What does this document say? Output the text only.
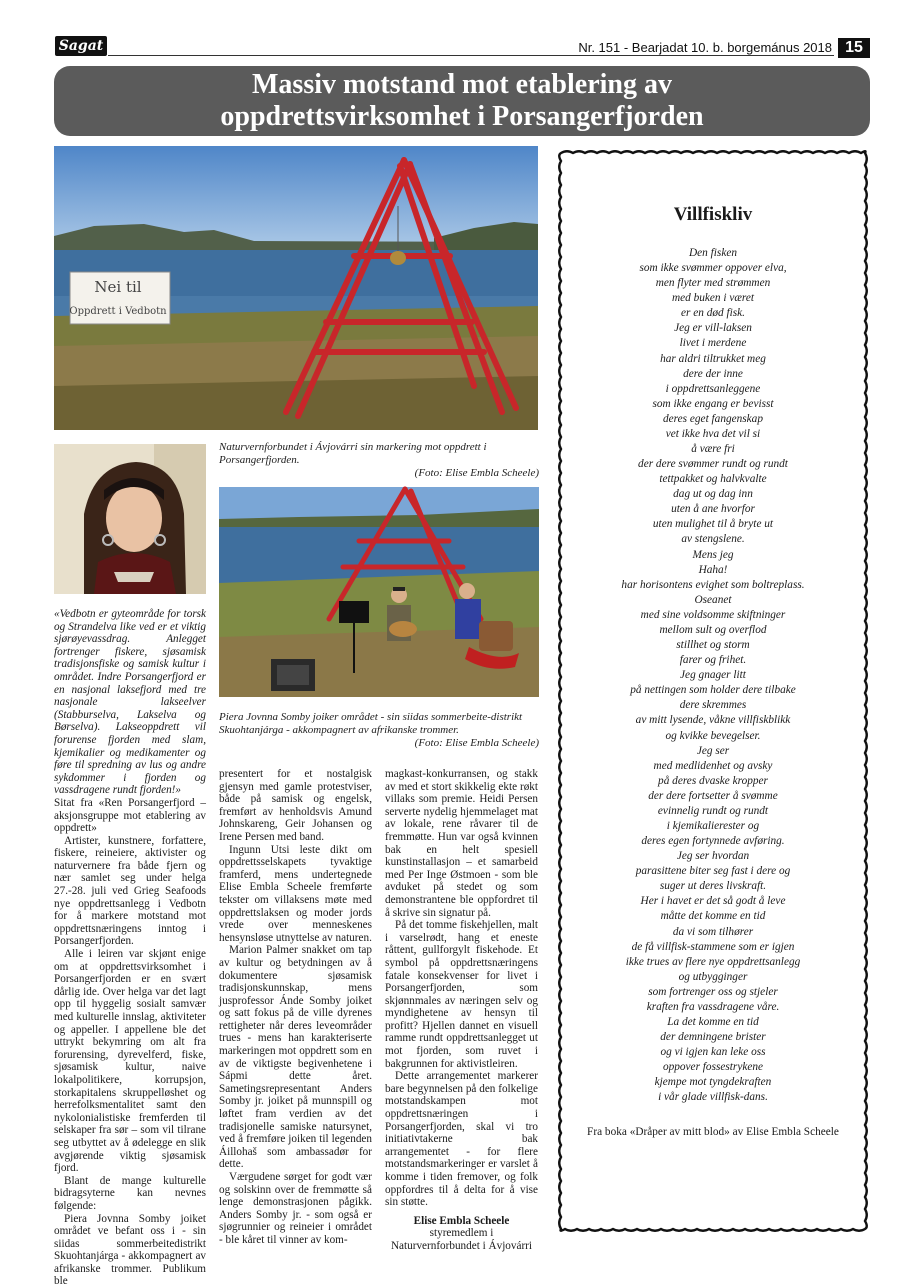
Sagat	Nr. 151 - Bearjadat 10. b. borgemánus 2018 15
Massiv motstand mot etablering av
oppdrettsvirksomhet i Porsangerfjorden
Nei til
Oppdrett i Vedbotn
Naturvernforbundet i Ávjovárri sin markering mot oppdrett i Porsangerfjorden.
(Foto: Elise Embla Scheele)
Piera Jovnna Somby joiker området - sin siidas sommerbeite-distrikt Skuohtanjárga - akkompagnert av afrikanske trommer.
(Foto: Elise Embla Scheele)

«Vedbotn er gyteområde for torsk og Strandelva like ved er et viktig sjørøyevassdrag. Anlegget fortrenger fiskere, sjøsamisk tradisjonsfiske og samisk kultur i området. Indre Porsangerfjord er en nasjonal laksefjord med tre nasjonale lakseelver (Stabburselva, Lakselva og Børselva). Lakseoppdrett vil forurense fjorden med slam, kjemikalier og medikamenter og føre til spredning av lus og andre sykdommer i fjorden og vassdragene rundt fjorden!»

Sitat fra «Ren Porsangerfjord – aksjonsgruppe mot etablering av oppdrett»

Artister, kunstnere, forfattere, fiskere, reineiere, aktivister og naturvernere fra både fjern og nær samlet seg under helga 27.-28. juli ved Grieg Seafoods nye oppdrettsanlegg i Vedbotn for å markere motstand mot oppdrettsnæringens inntog i Porsangerfjorden.

Alle i leiren var skjønt enige om at oppdrettsvirksomhet i Porsangerfjorden er en svært dårlig ide. Over helga var det lagt opp til hyggelig sosialt samvær med kulturelle innslag, aktiviteter og appeller. I appellene ble det uttrykt bekymring om alt fra forurensing, dyrevelferd, fiske, sjøsamisk kultur, naive lokalpolitikere, korrupsjon, storkapitalens skruppelløshet og herrefolksmentalitet samt den nykolonialistiske fremferden til selskaper fra sør – som vil tilrane seg utbyttet av å ødelegge en slik avgjørende viktig sjøsamisk fjord.

Blant de mange kulturelle bidragsyterne kan nevnes følgende:

Piera Jovnna Somby joiket området ve befant oss i - sin siidas sommerbeitedistrikt Skuohtanjárga - akkompagnert av afrikanske trommer. Publikum ble

presentert for et nostalgisk gjensyn med gamle protestviser, både på samisk og engelsk, fremført av henholdsvis Amund Johnskareng, Geir Johansen og Irene Persen med band.

Ingunn Utsi leste dikt om oppdrettsselskapets tyvaktige framferd, mens undertegnede Elise Embla Scheele fremførte tekster om villaksens møte med oppdrettslaksen og moder jords vrede over menneskenes hensynsløse utnyttelse av naturen.

Marion Palmer snakket om tap av kultur og betydningen av å dokumentere sjøsamisk tradisjonskunnskap, mens jusprofessor Ánde Somby joiket og satt fokus på de ville dyrenes rettigheter når deres leveområder trues - mens han karakteriserte markeringen mot oppdrett som en av de viktigste begivenhetene i Sápmi dette året. Sametingsrepresentant Anders Somby jr. joiket på munnspill og løftet fram verdien av det tradisjonelle samiske natursynet, ved å fremføre joiken til legenden Áillohaš som ambassadør for dette.

Værgudene sørget for godt vær og solskinn over de fremmøtte så lenge demonstrasjonen pågikk. Anders Somby jr. - som også er sjøgrunnier og reineier i området - ble kåret til vinner av kom-

magkast-konkurransen, og stakk av med et stort skikkelig ekte røkt villaks som premie. Heidi Persen serverte nydelig hjemmelaget mat av lokale, rene råvarer til de fremmøtte. Hun var også kvinnen bak en helt spesiell kunstinstallasjon – et samarbeid med Per Inge Østmoen - som ble avduket på stedet og som demonstrantene ble oppfordret til å skrive sin signatur på.

På det tomme fiskehjellen, malt i varselrødt, hang et eneste råttent, gullforgylt fiskehode. Et symbol på oppdrettsnæringens fatale konsekvenser for livet i Porsangerfjorden, som skjønnmales av næringen selv og myndighetene av hensyn til profitt? Hjellen dannet en visuell ramme rundt oppdrettsanlegget ut mot fjorden, som ruvet i bakgrunnen for aktivistleiren.

Dette arrangementet markerer bare begynnelsen på den folkelige motstandskampen mot oppdrettsnæringen i Porsangerfjorden, skal vi tro initiativtakerne bak arrangementet - for flere motstandsmarkeringer er varslet å komme i tiden fremover, og folk oppfordres til å delta for å vise sin støtte.

Elise Embla Scheele
styremedlem i Naturvernforbundet i Ávjovárri

Villfiskliv
Den fisken
som ikke svømmer oppover elva,
men flyter med strømmen
med buken i været
er en død fisk.
Jeg er vill-laksen
livet i merdene
har aldri tiltrukket meg
dere der inne
i oppdrettsanleggene
som ikke engang er bevisst
deres eget fangenskap
vet ikke hva det vil si
å være fri
der dere svømmer rundt og rundt
tettpakket og halvkvalte
dag ut og dag inn
uten å ane hvorfor
uten mulighet til å bryte ut
av stengslene.
Mens jeg
Haha!
har horisontens evighet som boltreplass.
Oseanet
med sine voldsomme skiftninger
mellom sult og overflod
stillhet og storm
farer og frihet.
Jeg gnager litt
på nettingen som holder dere tilbake
dere skremmes
av mitt lysende, våkne villfiskblikk
og kvikke bevegelser.
Jeg ser
med medlidenhet og avsky
på deres dvaske kropper
der dere fortsetter å svømme
evinnelig rundt og rundt
i kjemikalierester og
deres egen fortynnede avføring.
Jeg ser hvordan
parasittene biter seg fast i dere og
suger ut deres livskraft.
Her i havet er det så godt å leve
måtte det komme en tid
da vi som tilhører
de få villfisk-stammene som er igjen
ikke trues av flere nye oppdrettsanlegg
og utbygginger
som fortrenger oss og stjeler
kraften fra vassdragene våre.
La det komme en tid
der demningene brister
og vi igjen kan leke oss
oppover fossestrykene
kjempe mot tyngdekraften
i vår glade villfisk-dans.
Fra boka «Dråper av mitt blod» av Elise Embla Scheele
